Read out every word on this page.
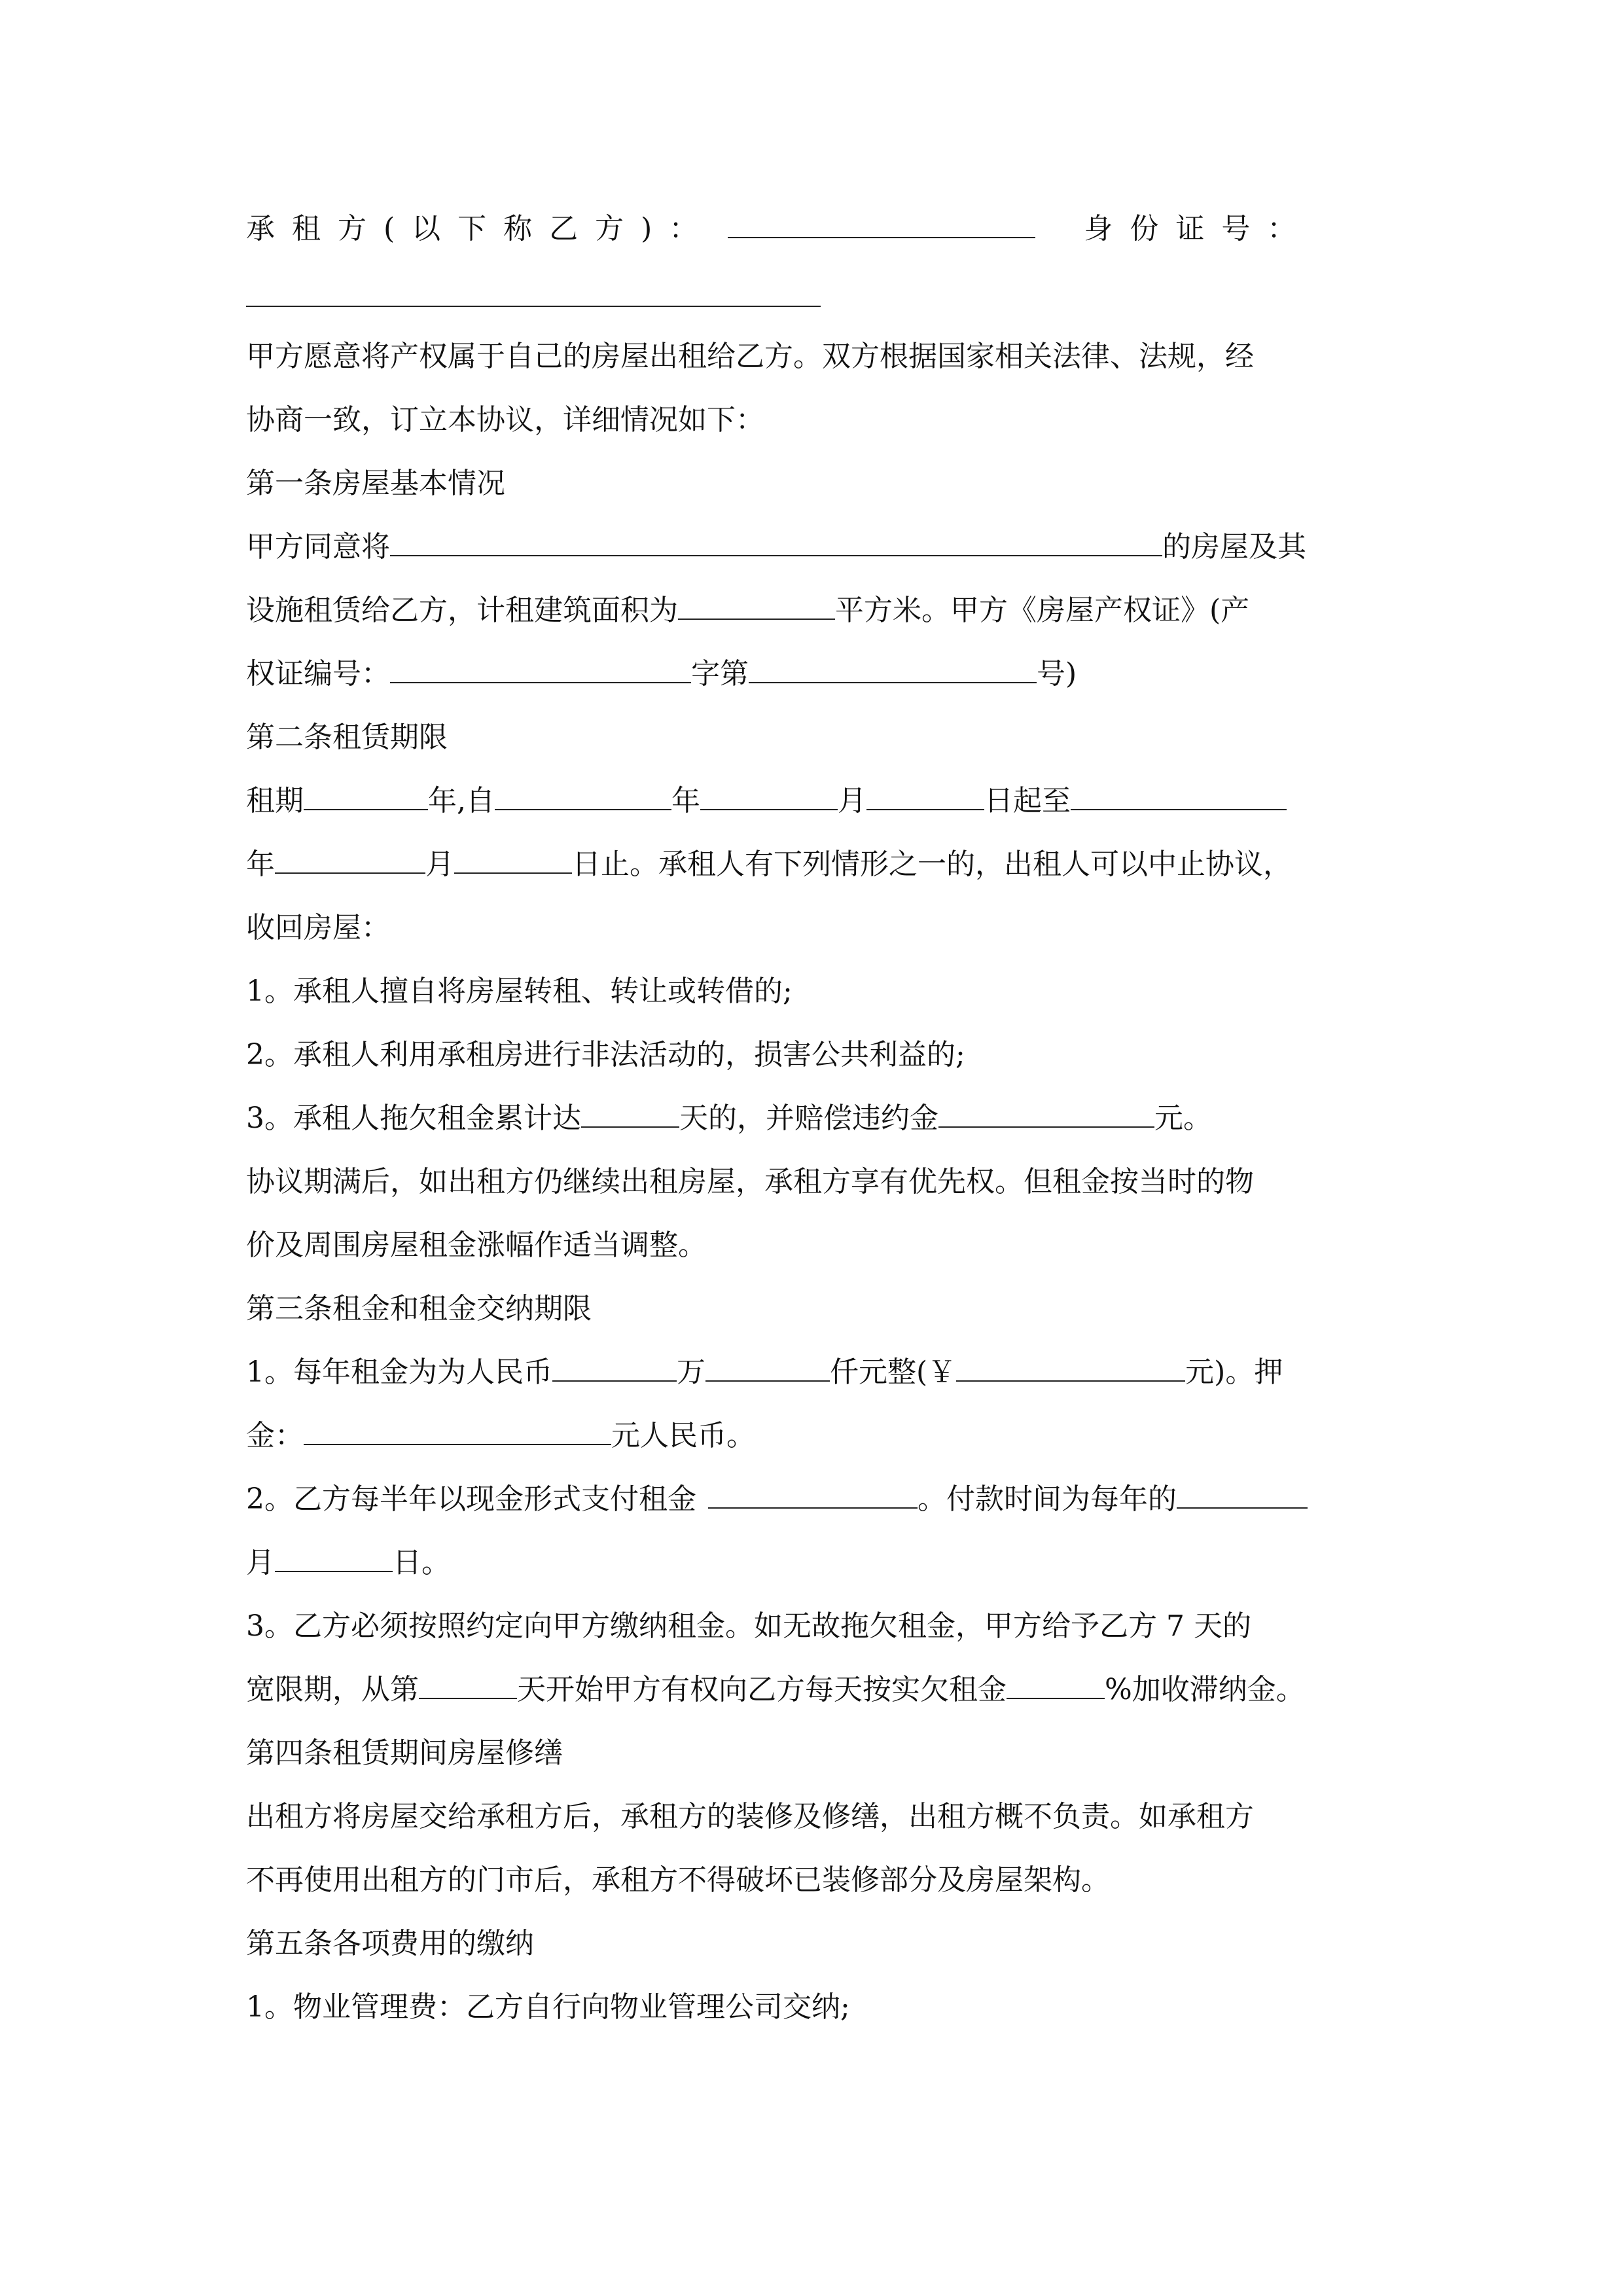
承租方(以下称乙方)：	身份证号：
甲方愿意将产权属于自己的房屋出租给乙方。双方根据国家相关法律、法规，经
协商一致，订立本协议，详细情况如下：
第一条房屋基本情况
甲方同意将	的房屋及其
设施租赁给乙方，计租建筑面积为	平方米。甲方《房屋产权证》(产
权证编号：	字第	号)
第二条租赁期限
租期	年,自	年	月	日起至
年	月	日止。承租人有下列情形之一的，出租人可以中止协议，
收回房屋：
1。承租人擅自将房屋转租、转让或转借的;
2。承租人利用承租房进行非法活动的，损害公共利益的;
3。承租人拖欠租金累计达	天的，并赔偿违约金	元。
协议期满后，如出租方仍继续出租房屋，承租方享有优先权。但租金按当时的物
价及周围房屋租金涨幅作适当调整。
第三条租金和租金交纳期限
1。每年租金为为人民币	万	仟元整(￥	元)。押
金：	元人民币。
2。乙方每半年以现金形式支付租金	。付款时间为每年的
月	日。
3。乙方必须按照约定向甲方缴纳租金。如无故拖欠租金，甲方给予乙方 7 天的
宽限期，从第	天开始甲方有权向乙方每天按实欠租金	%加收滞纳金。
第四条租赁期间房屋修缮
出租方将房屋交给承租方后，承租方的装修及修缮，出租方概不负责。如承租方
不再使用出租方的门市后，承租方不得破坏已装修部分及房屋架构。
第五条各项费用的缴纳
1。物业管理费：乙方自行向物业管理公司交纳;
